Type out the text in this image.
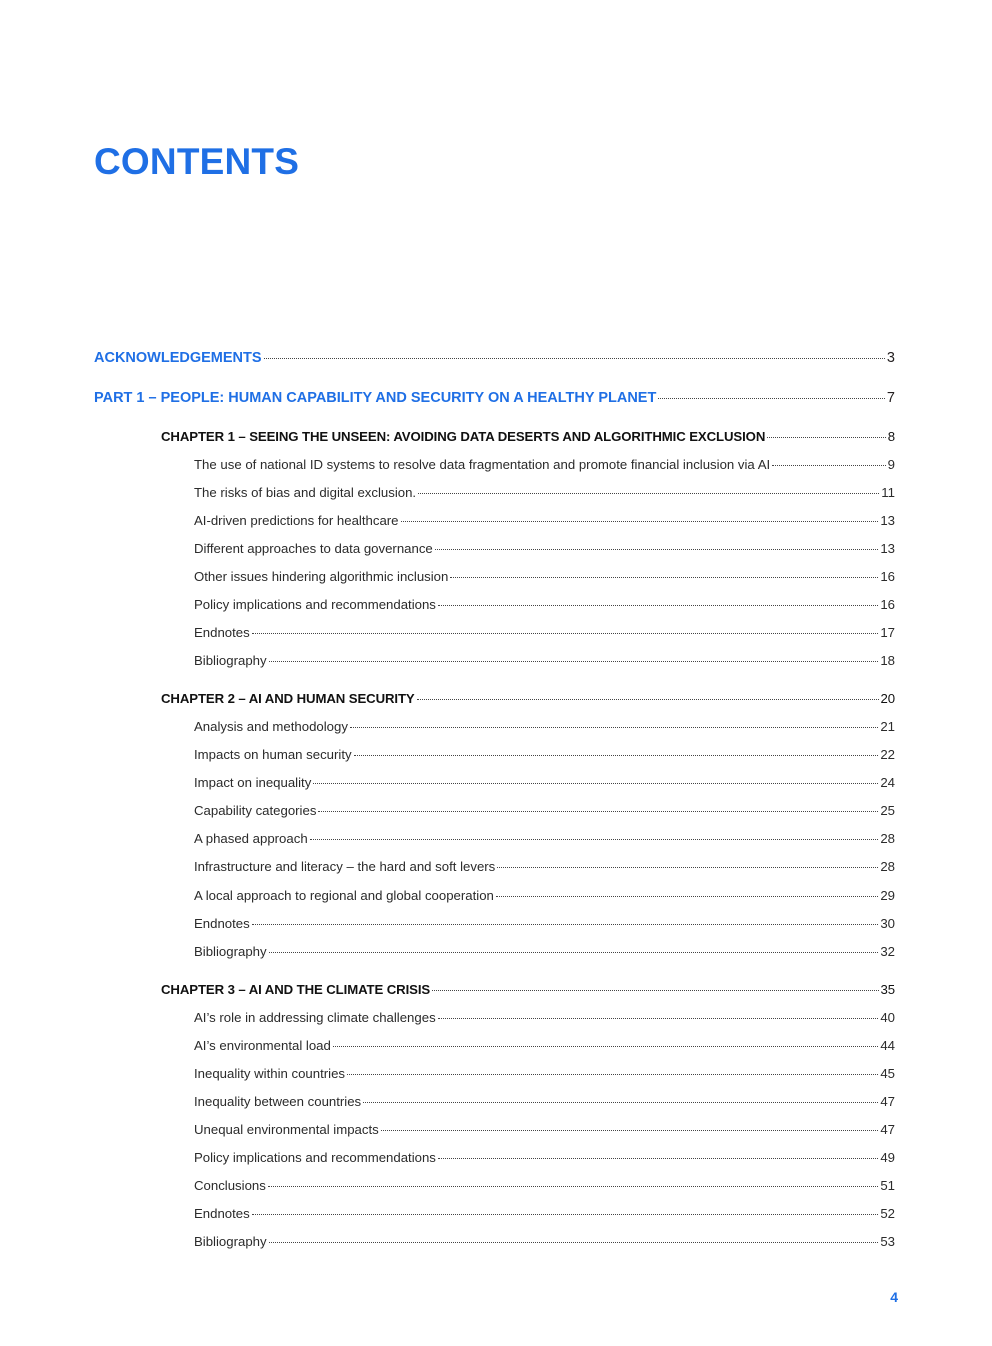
CONTENTS
ACKNOWLEDGEMENTS	3
PART 1 – PEOPLE: HUMAN CAPABILITY AND SECURITY ON A HEALTHY PLANET	7
CHAPTER 1 – SEEING THE UNSEEN: AVOIDING DATA DESERTS AND ALGORITHMIC EXCLUSION	8
The use of national ID systems to resolve data fragmentation and promote financial inclusion via AI	9
The risks of bias and digital exclusion.	11
AI-driven predictions for healthcare	13
Different approaches to data governance	13
Other issues hindering algorithmic inclusion	16
Policy implications and recommendations	16
Endnotes	17
Bibliography	18
CHAPTER 2 – AI AND HUMAN SECURITY	20
Analysis and methodology	21
Impacts on human security	22
Impact on inequality	24
Capability categories	25
A phased approach	28
Infrastructure and literacy – the hard and soft levers	28
A local approach to regional and global cooperation	29
Endnotes	30
Bibliography	32
CHAPTER 3 – AI AND THE CLIMATE CRISIS	35
AI’s role in addressing climate challenges	40
AI’s environmental load	44
Inequality within countries	45
Inequality between countries	47
Unequal environmental impacts	47
Policy implications and recommendations	49
Conclusions	51
Endnotes	52
Bibliography	53
4
